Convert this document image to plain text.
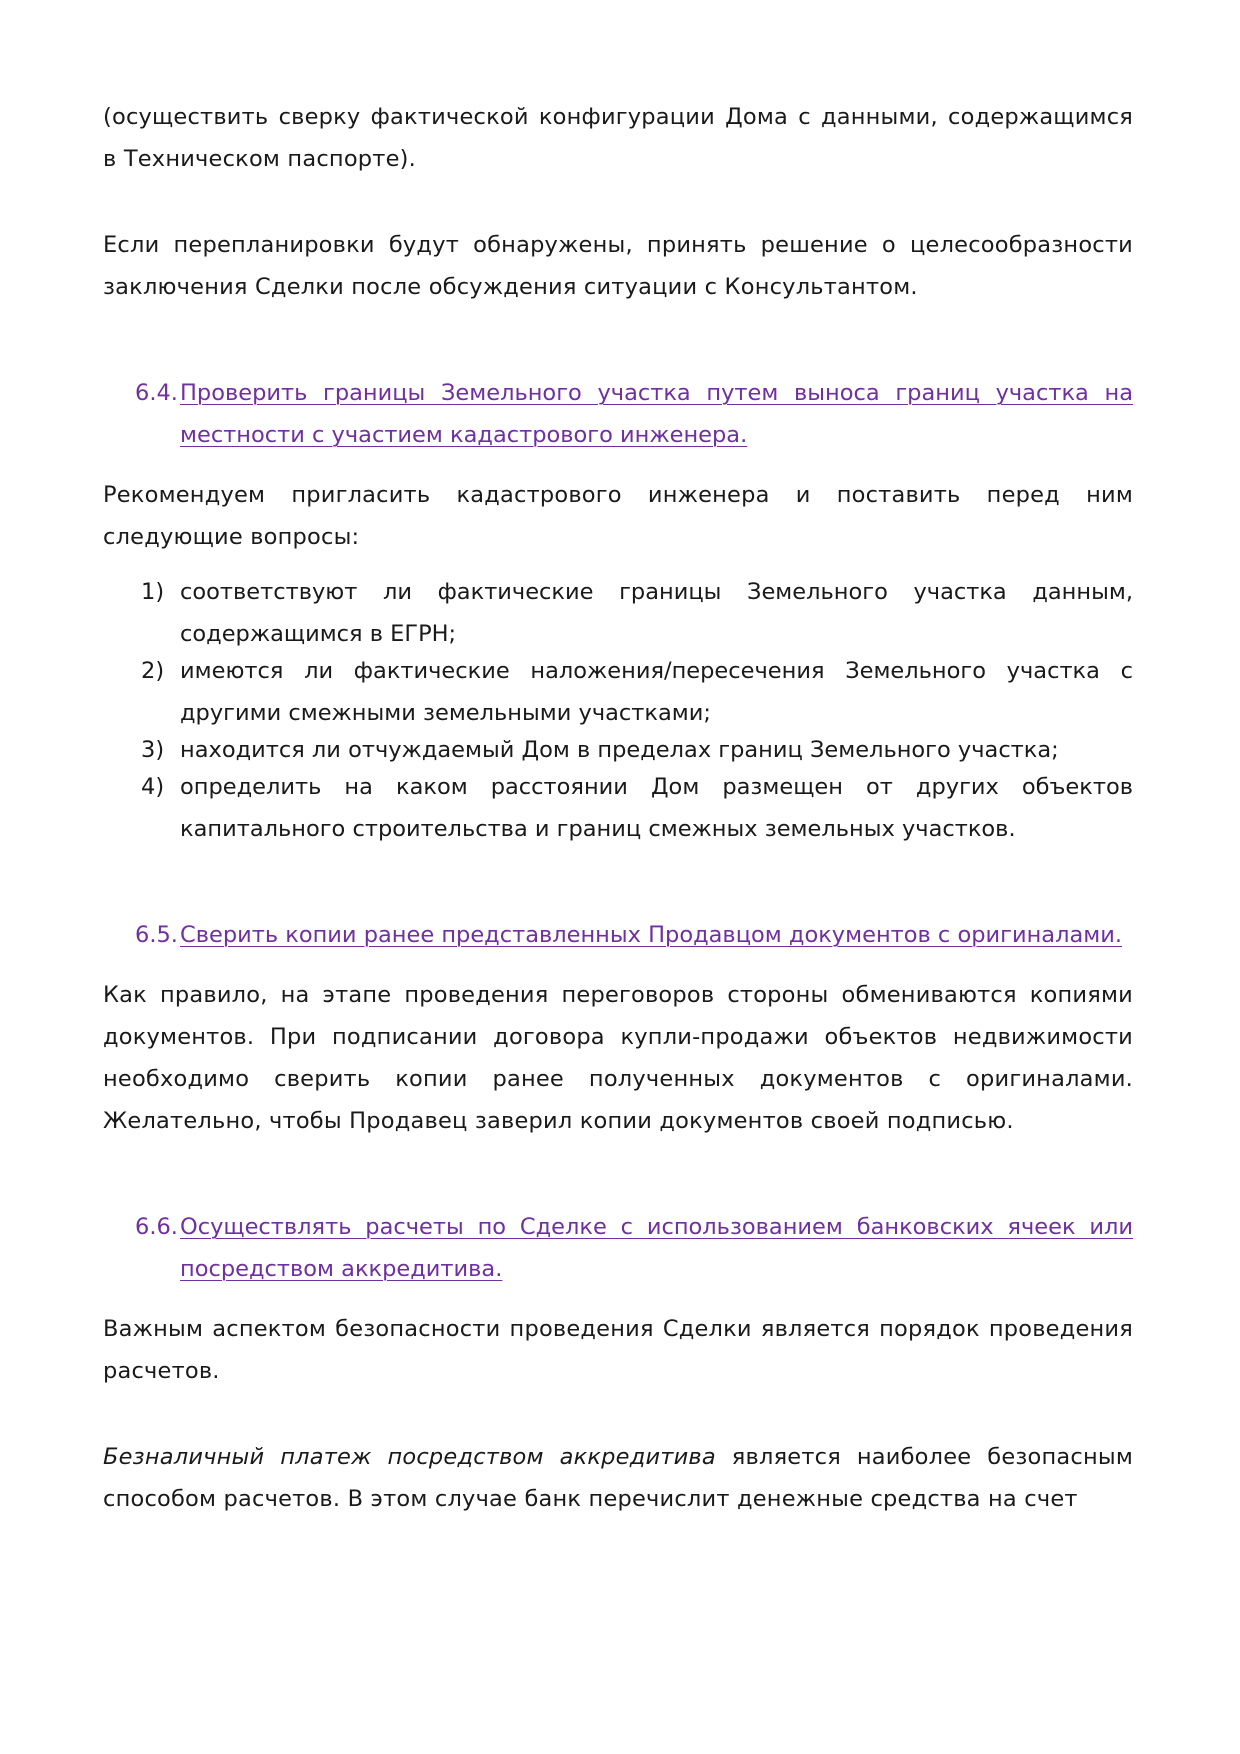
(осуществить сверку фактической конфигурации Дома с данными, содержащимся в Техническом паспорте).

Если перепланировки будут обнаружены, принять решение о целесообразности заключения Сделки после обсуждения ситуации с Консультантом.

6.4. Проверить границы Земельного участка путем выноса границ участка на местности с участием кадастрового инженера.

Рекомендуем пригласить кадастрового инженера и поставить перед ним следующие вопросы:

1) соответствуют ли фактические границы Земельного участка данным, содержащимся в ЕГРН;
2) имеются ли фактические наложения/пересечения Земельного участка с другими смежными земельными участками;
3) находится ли отчуждаемый Дом в пределах границ Земельного участка;
4) определить на каком расстоянии Дом размещен от других объектов капитального строительства и границ смежных земельных участков.

6.5. Сверить копии ранее представленных Продавцом документов с оригиналами.

Как правило, на этапе проведения переговоров стороны обмениваются копиями документов. При подписании договора купли-продажи объектов недвижимости необходимо сверить копии ранее полученных документов с оригиналами. Желательно, чтобы Продавец заверил копии документов своей подписью.

6.6. Осуществлять расчеты по Сделке с использованием банковских ячеек или посредством аккредитива.

Важным аспектом безопасности проведения Сделки является порядок проведения расчетов.

Безналичный платеж посредством аккредитива является наиболее безопасным способом расчетов. В этом случае банк перечислит денежные средства на счет
